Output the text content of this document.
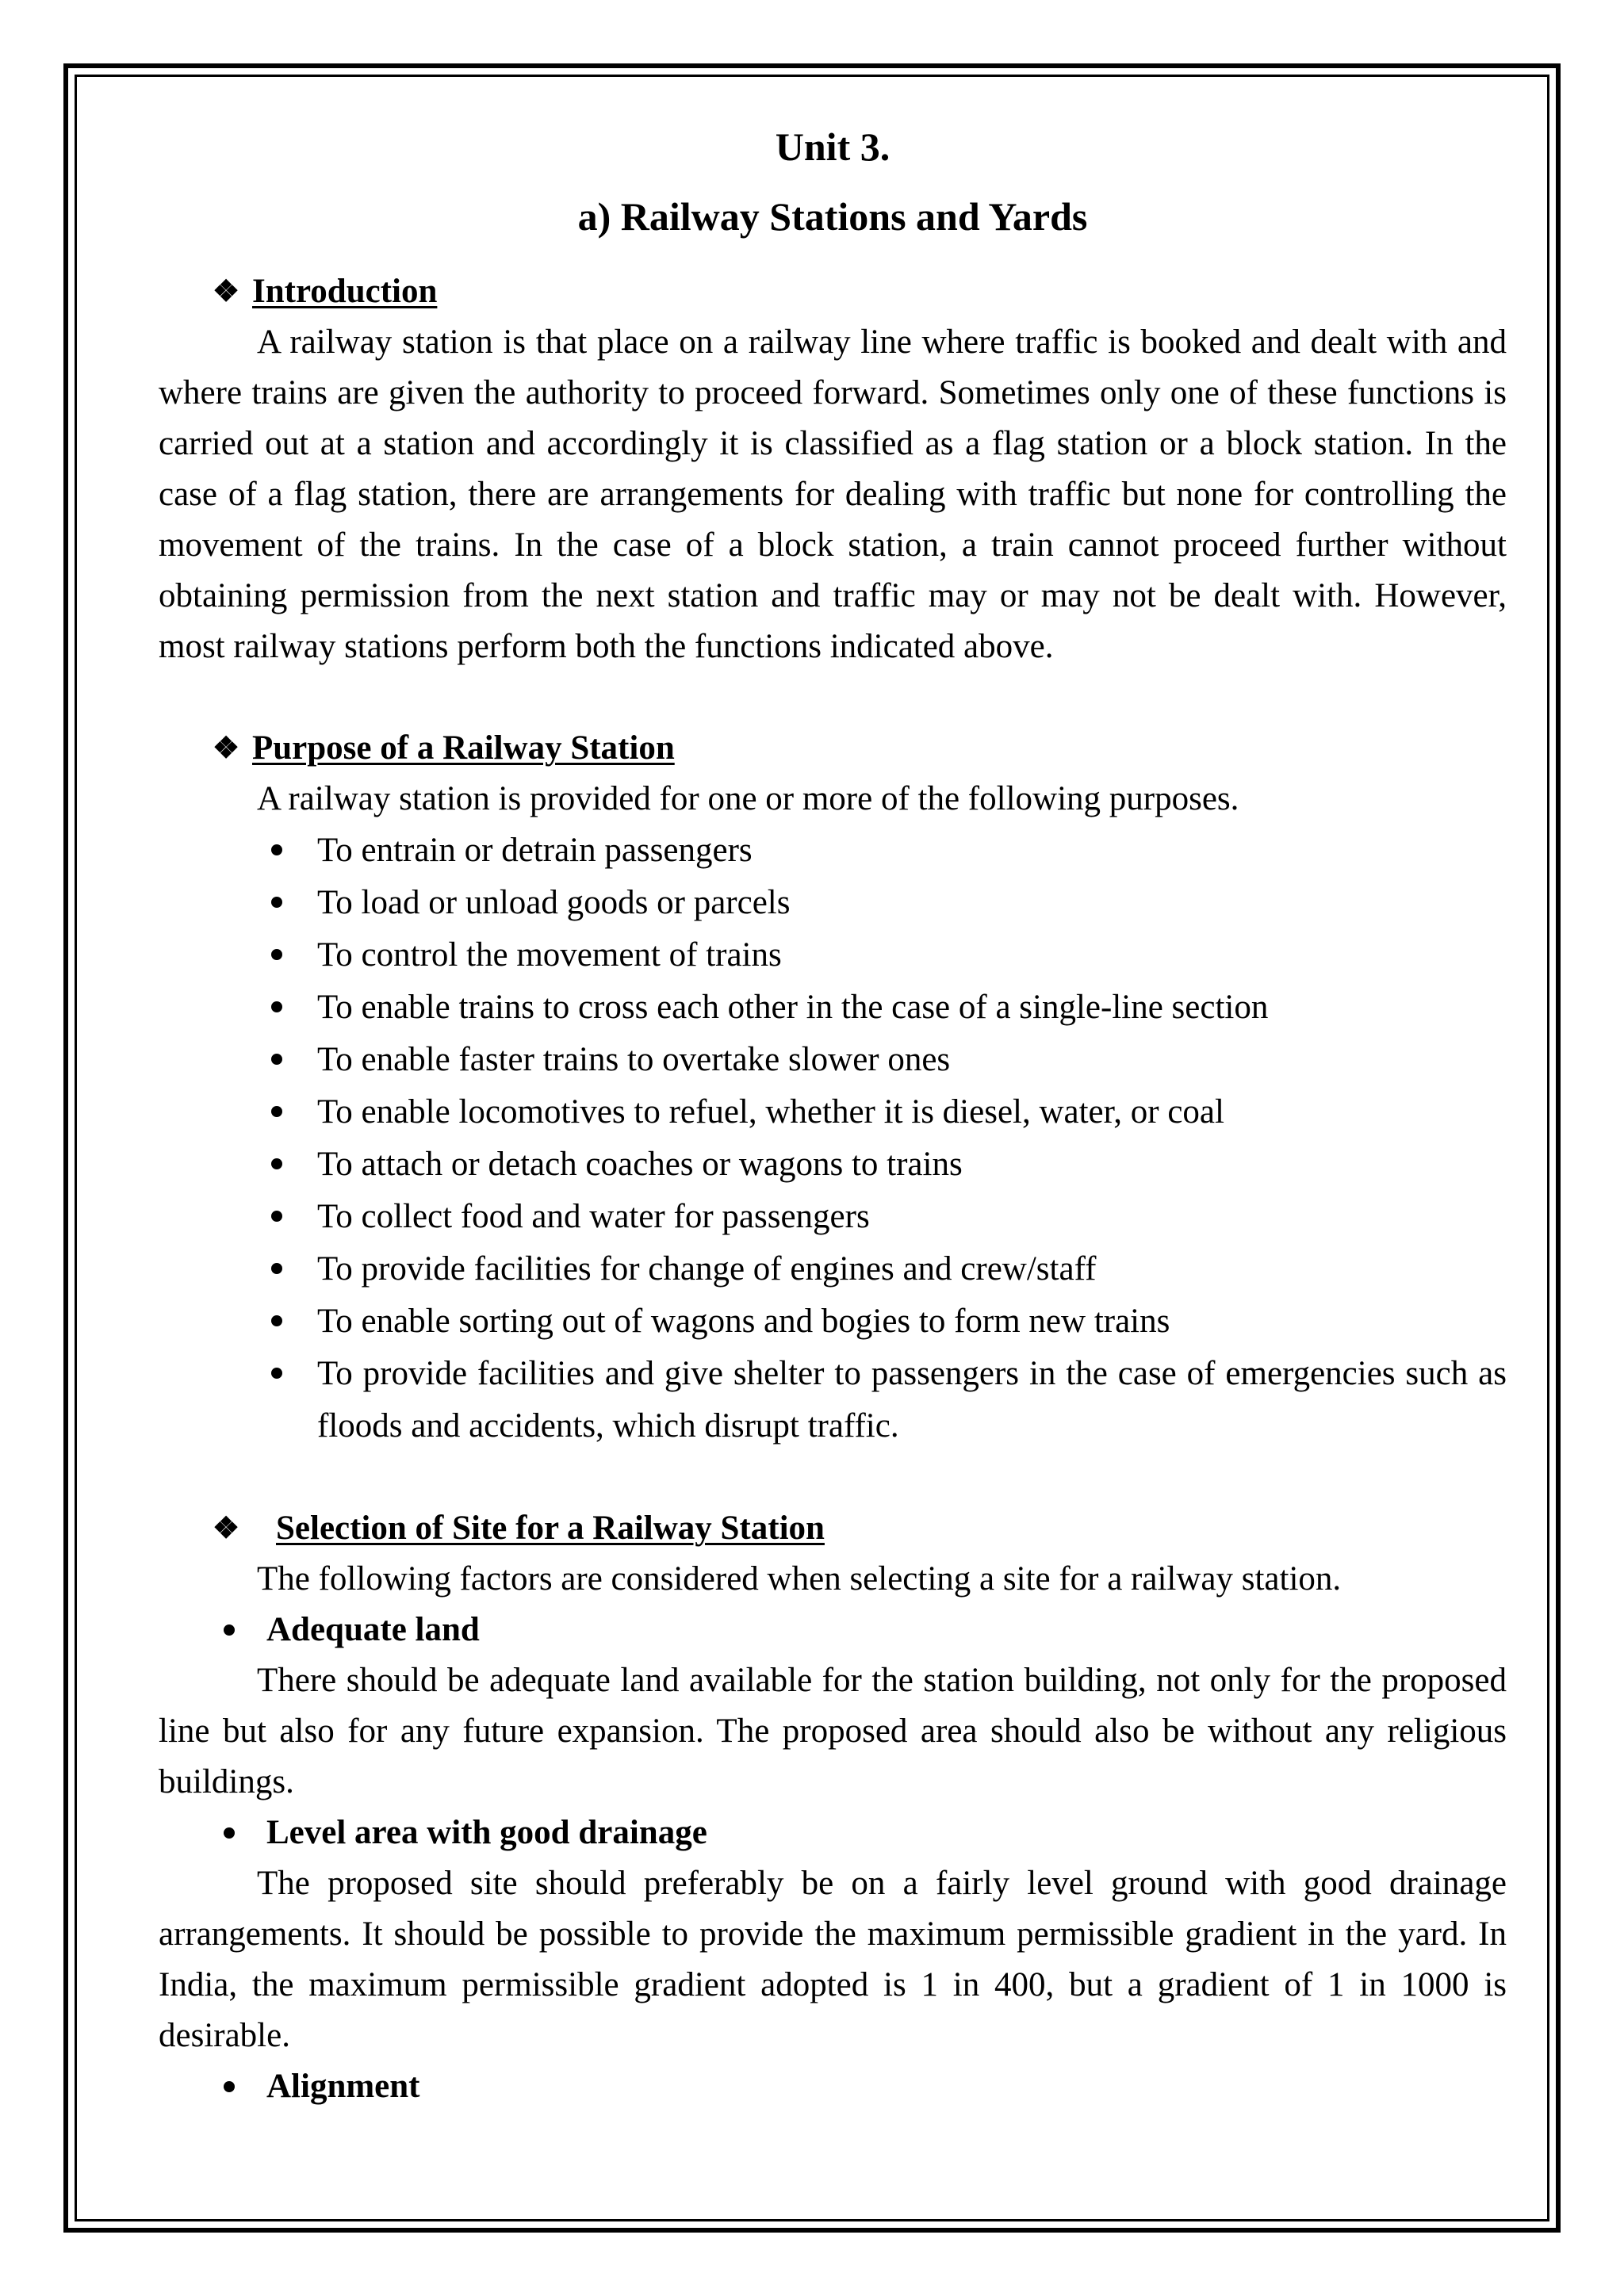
Unit 3.
a) Railway Stations and Yards
❖ Introduction

A railway station is that place on a railway line where traffic is booked and dealt with and where trains are given the authority to proceed forward. Sometimes only one of these functions is carried out at a station and accordingly it is classified as a flag station or a block station. In the case of a flag station, there are arrangements for dealing with traffic but none for controlling the movement of the trains. In the case of a block station, a train cannot proceed further without obtaining permission from the next station and traffic may or may not be dealt with. However, most railway stations perform both the functions indicated above.

❖ Purpose of a Railway Station

A railway station is provided for one or more of the following purposes.

To entrain or detrain passengers
To load or unload goods or parcels
To control the movement of trains
To enable trains to cross each other in the case of a single-line section
To enable faster trains to overtake slower ones
To enable locomotives to refuel, whether it is diesel, water, or coal
To attach or detach coaches or wagons to trains
To collect food and water for passengers
To provide facilities for change of engines and crew/staff
To enable sorting out of wagons and bogies to form new trains
To provide facilities and give shelter to passengers in the case of emergencies such as floods and accidents, which disrupt traffic.
❖	Selection of Site for a Railway Station

The following factors are considered when selecting a site for a railway station.

Adequate land

There should be adequate land available for the station building, not only for the proposed line but also for any future expansion. The proposed area should also be without any religious buildings.

Level area with good drainage

The proposed site should preferably be on a fairly level ground with good drainage arrangements. It should be possible to provide the maximum permissible gradient in the yard. In India, the maximum permissible gradient adopted is 1 in 400, but a gradient of 1 in 1000 is desirable.

Alignment
